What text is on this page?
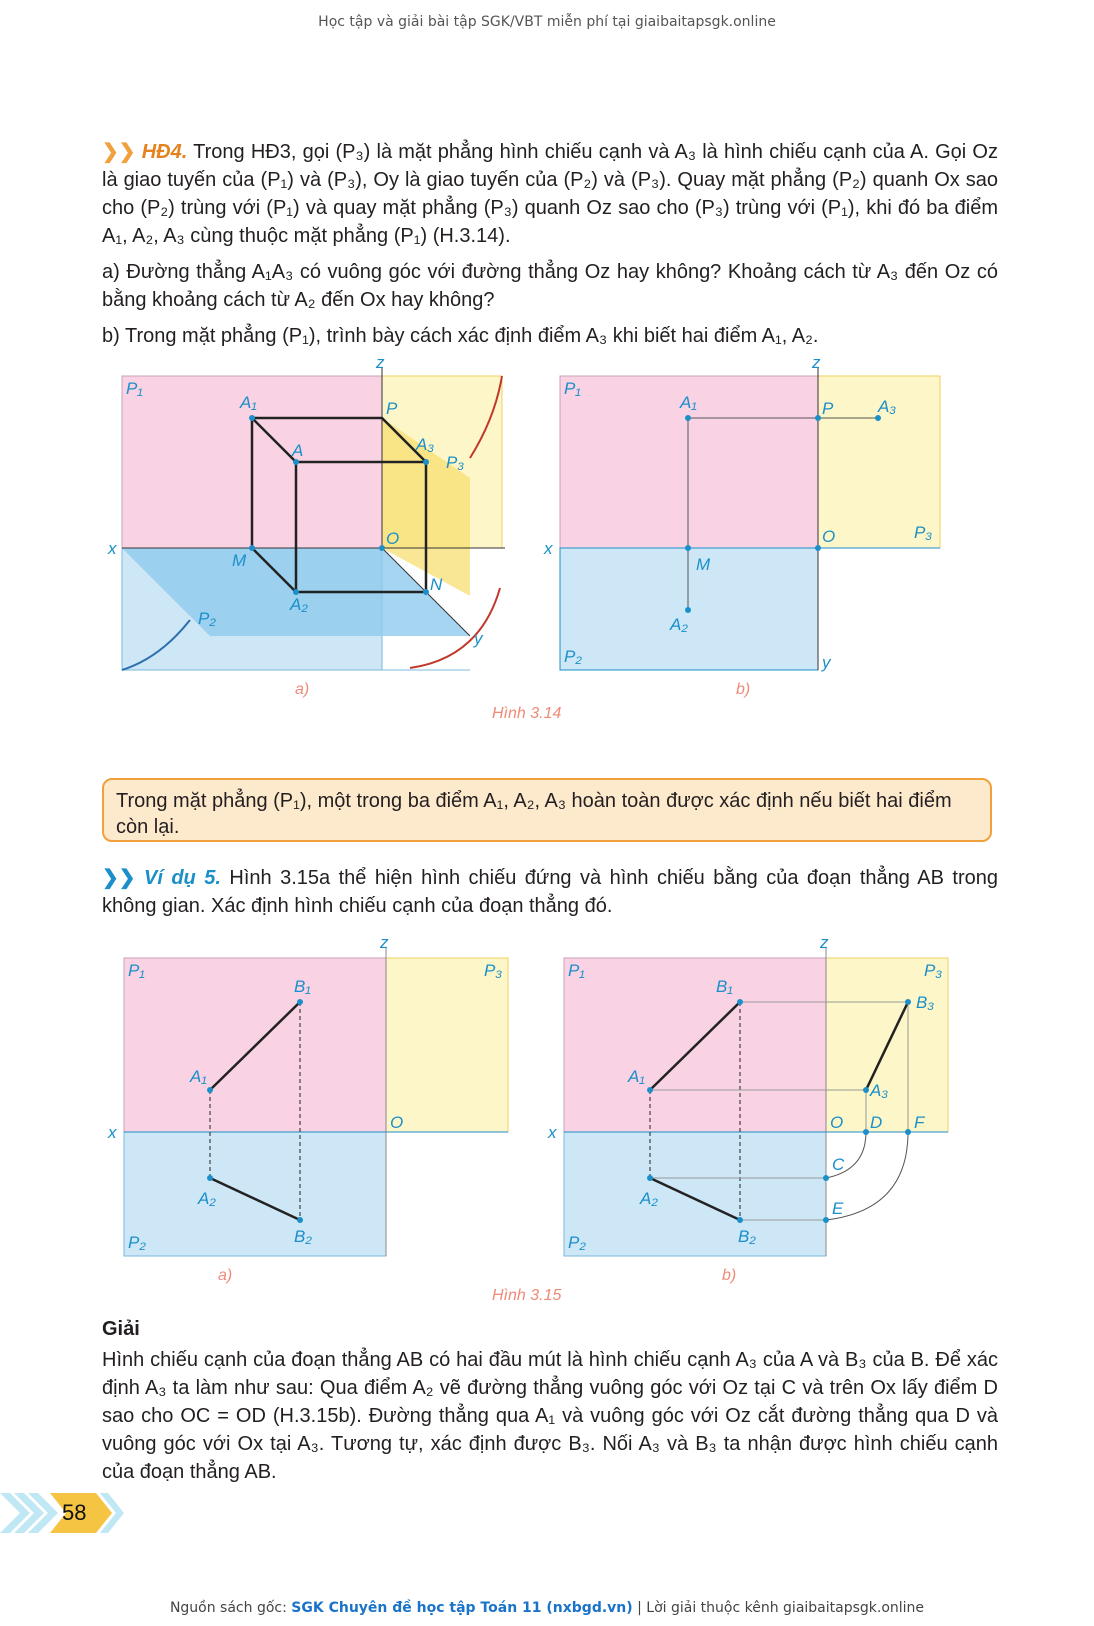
Học tập và giải bài tập SGK/VBT miễn phí tại giaibaitapsgk.online
❯❯ HĐ4. Trong HĐ3, gọi (P₃) là mặt phẳng hình chiếu cạnh và A₃ là hình chiếu cạnh của A. Gọi Oz là giao tuyến của (P₁) và (P₃), Oy là giao tuyến của (P₂) và (P₃). Quay mặt phẳng (P₂) quanh Ox sao cho (P₂) trùng với (P₁) và quay mặt phẳng (P₃) quanh Oz sao cho (P₃) trùng với (P₁), khi đó ba điểm A₁, A₂, A₃ cùng thuộc mặt phẳng (P₁) (H.3.14).
a) Đường thẳng A₁A₃ có vuông góc với đường thẳng Oz hay không? Khoảng cách từ A₃ đến Oz có bằng khoảng cách từ A₂ đến Ox hay không?
b) Trong mặt phẳng (P₁), trình bày cách xác định điểm A₃ khi biết hai điểm A₁, A₂.
P₁
P₂
P₃
A₁
A	A₃
P
M
O
N
A₂
x
z
y
P₁
P₂
P₃
A₁	P	A₃
O
M
A₂
x
z
y
a)	b)
Hình 3.14
Trong mặt phẳng (P₁), một trong ba điểm A₁, A₂, A₃ hoàn toàn được xác định nếu biết hai điểm còn lại.
❯❯ Ví dụ 5. Hình 3.15a thể hiện hình chiếu đứng và hình chiếu bằng của đoạn thẳng AB trong không gian. Xác định hình chiếu cạnh của đoạn thẳng đó.
P₁
P₂
P₃
B₁
A₁
A₂
B₂
O
x
z
P₁
P₂
P₃
B₁
B₃
A₁
A₃
O D F
C
E
A₂
B₂
x
z
a)	b)
Hình 3.15
Giải
Hình chiếu cạnh của đoạn thẳng AB có hai đầu mút là hình chiếu cạnh A₃ của A và B₃ của B. Để xác định A₃ ta làm như sau: Qua điểm A₂ vẽ đường thẳng vuông góc với Oz tại C và trên Ox lấy điểm D sao cho OC = OD (H.3.15b). Đường thẳng qua A₁ và vuông góc với Oz cắt đường thẳng qua D và vuông góc với Ox tại A₃. Tương tự, xác định được B₃. Nối A₃ và B₃ ta nhận được hình chiếu cạnh của đoạn thẳng AB.
58
Nguồn sách gốc: SGK Chuyên đề học tập Toán 11 (nxbgd.vn) | Lời giải thuộc kênh giaibaitapsgk.online
